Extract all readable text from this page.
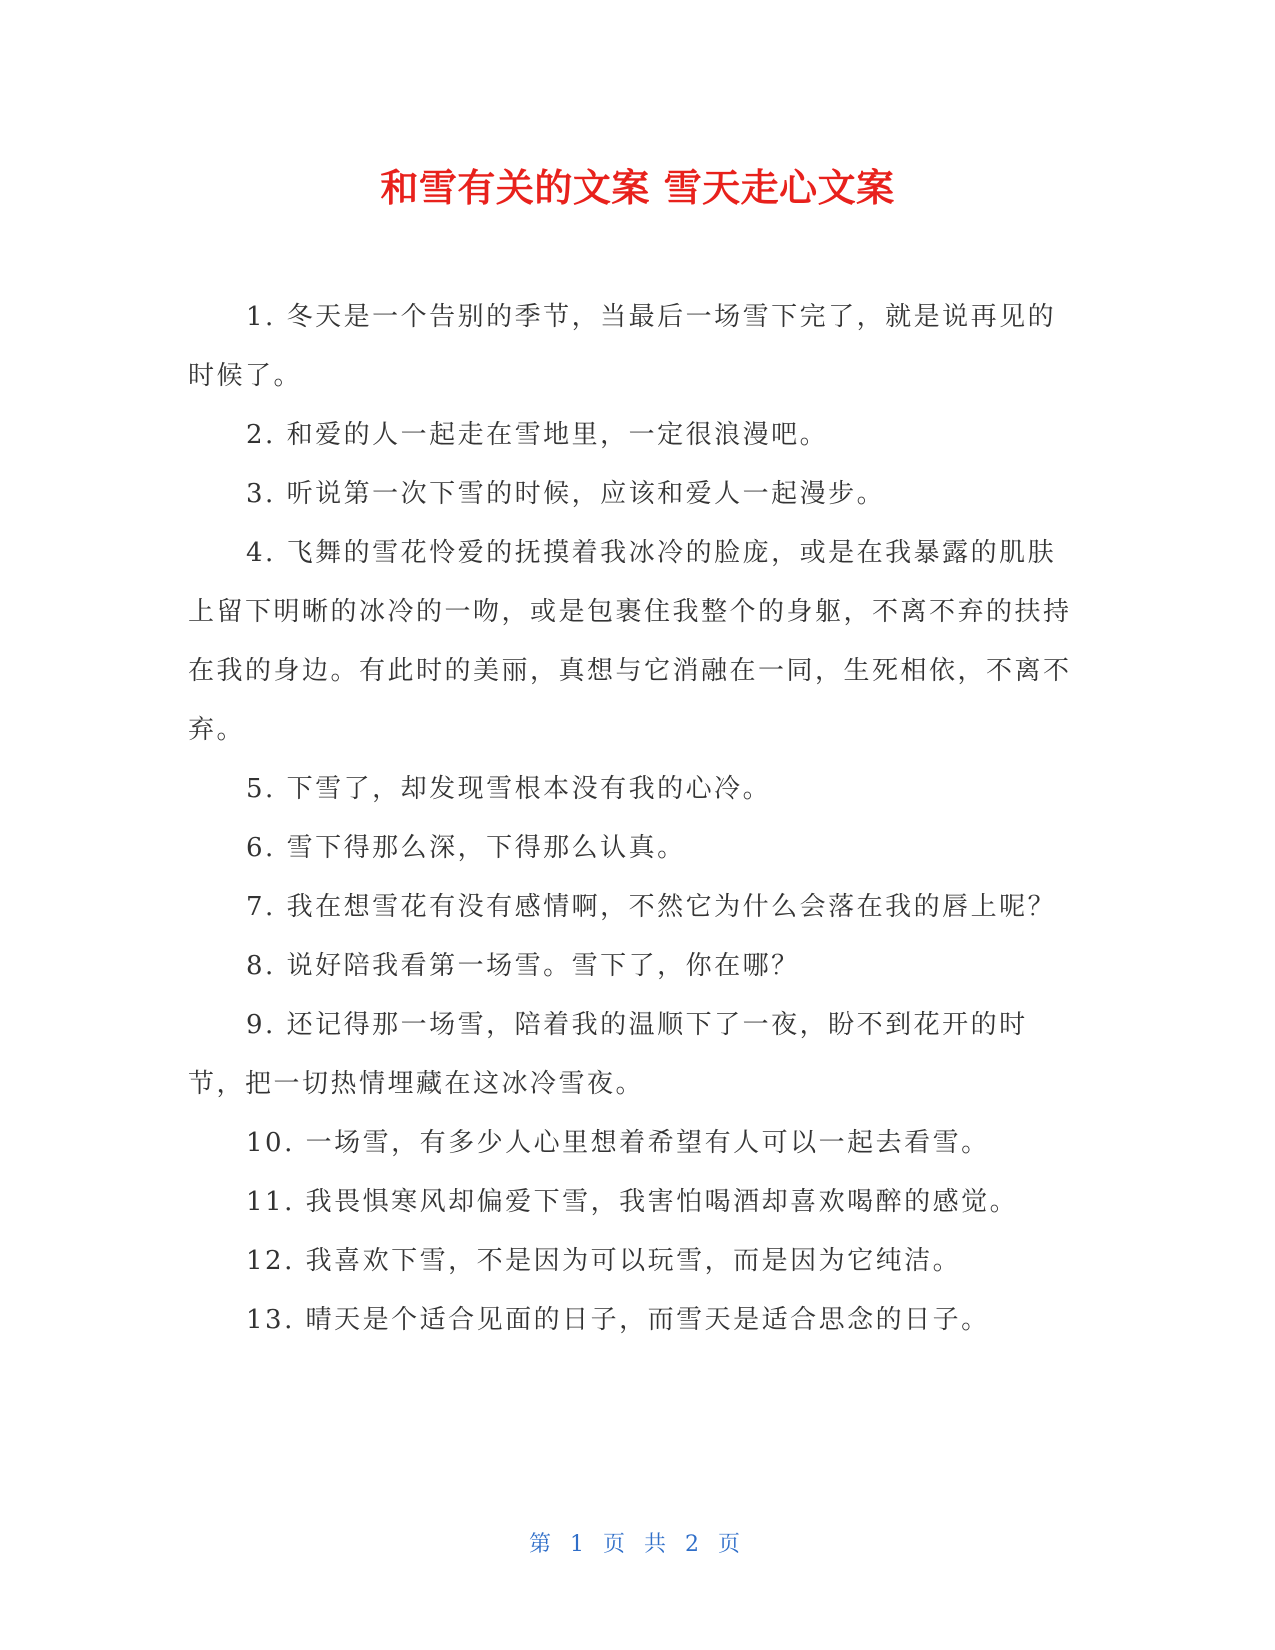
和雪有关的文案 雪天走心文案

1. 冬天是一个告别的季节，当最后一场雪下完了，就是说再见的时候了。

2. 和爱的人一起走在雪地里，一定很浪漫吧。

3. 听说第一次下雪的时候，应该和爱人一起漫步。

4. 飞舞的雪花怜爱的抚摸着我冰冷的脸庞，或是在我暴露的肌肤上留下明晰的冰冷的一吻，或是包裹住我整个的身躯，不离不弃的扶持在我的身边。有此时的美丽，真想与它消融在一同，生死相依，不离不弃。

5. 下雪了，却发现雪根本没有我的心冷。

6. 雪下得那么深，下得那么认真。

7. 我在想雪花有没有感情啊，不然它为什么会落在我的唇上呢？

8. 说好陪我看第一场雪。雪下了，你在哪？

9. 还记得那一场雪，陪着我的温顺下了一夜，盼不到花开的时节，把一切热情埋藏在这冰冷雪夜。

10. 一场雪，有多少人心里想着希望有人可以一起去看雪。

11. 我畏惧寒风却偏爱下雪，我害怕喝酒却喜欢喝醉的感觉。

12. 我喜欢下雪，不是因为可以玩雪，而是因为它纯洁。

13. 晴天是个适合见面的日子，而雪天是适合思念的日子。

第 1 页 共 2 页
